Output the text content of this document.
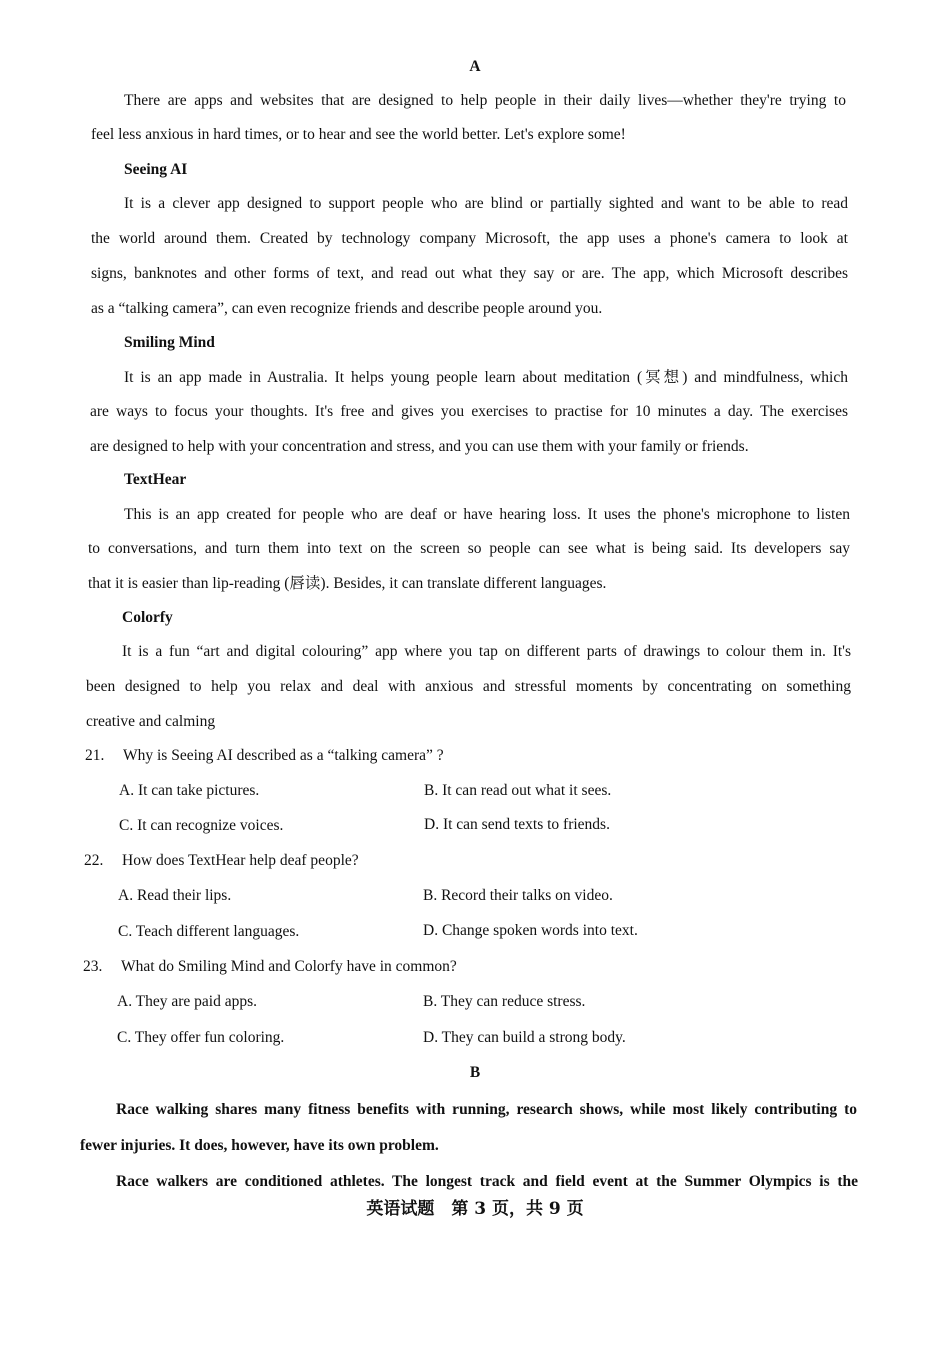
A
There are apps and websites that are designed to help people in their daily lives—whether they're trying to
feel less anxious in hard times, or to hear and see the world better. Let's explore some!
Seeing AI
It is a clever app designed to support people who are blind or partially sighted and want to be able to read
the world around them. Created by technology company Microsoft, the app uses a phone's camera to look at
signs, banknotes and other forms of text, and read out what they say or are. The app, which Microsoft describes
as a “talking camera”, can even recognize friends and describe people around you.
Smiling Mind
It is an app made in Australia. It helps young people learn about meditation (冥想) and mindfulness, which
are ways to focus your thoughts. It's free and gives you exercises to practise for 10 minutes a day. The exercises
are designed to help with your concentration and stress, and you can use them with your family or friends.
TextHear
This is an app created for people who are deaf or have hearing loss. It uses the phone's microphone to listen
to conversations, and turn them into text on the screen so people can see what is being said. Its developers say
that it is easier than lip-reading (唇读). Besides, it can translate different languages.
Colorfy
It is a fun “art and digital colouring” app where you tap on different parts of drawings to colour them in. It's
been designed to help you relax and deal with anxious and stressful moments by concentrating on something
creative and calming
21. Why is Seeing AI described as a “talking camera” ?
A. It can take pictures.	B. It can read out what it sees.
C. It can recognize voices.	D. It can send texts to friends.
22. How does TextHear help deaf people?
A. Read their lips.	B. Record their talks on video.
C. Teach different languages.	D. Change spoken words into text.
23. What do Smiling Mind and Colorfy have in common?
A. They are paid apps.	B. They can reduce stress.
C. They offer fun coloring.	D. They can build a strong body.
B
Race walking shares many fitness benefits with running, research shows, while most likely contributing to
fewer injuries. It does, however, have its own problem.
Race walkers are conditioned athletes. The longest track and field event at the Summer Olympics is the
英语试题　第 3 页，共 9 页
